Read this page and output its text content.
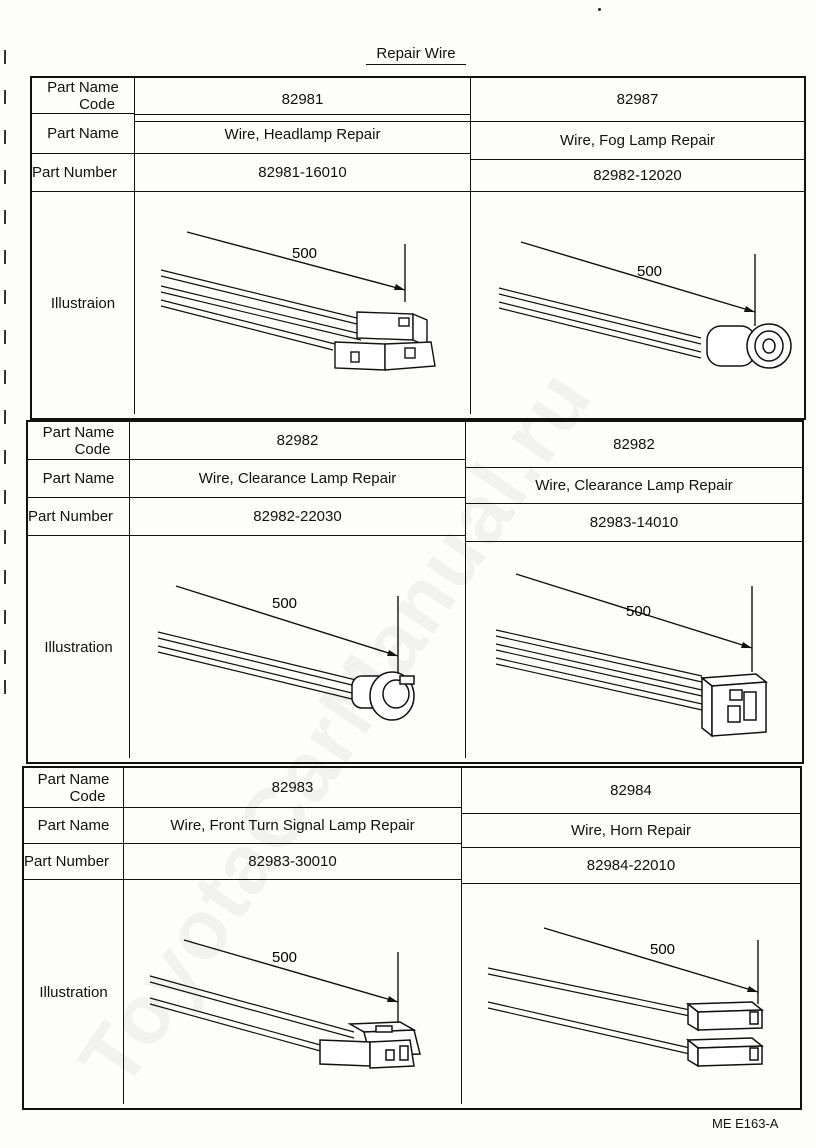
Repair Wire
Part Name
Code
Part Name
Part Number
Illustraion
82981
Wire, Headlamp Repair
82981-16010
500
82987
Wire, Fog Lamp Repair
82982-12020
500
Part Name
Code
Part Name
Part Number
Illustration
82982
Wire, Clearance Lamp Repair
82982-22030
500
82982
Wire, Clearance Lamp Repair
82983-14010
500
Part Name
Code
Part Name
Part Number
Illustration
82983
Wire, Front Turn Signal Lamp Repair
82983-30010
500
82984
Wire, Horn Repair
82984-22010
500
ME E163-A
